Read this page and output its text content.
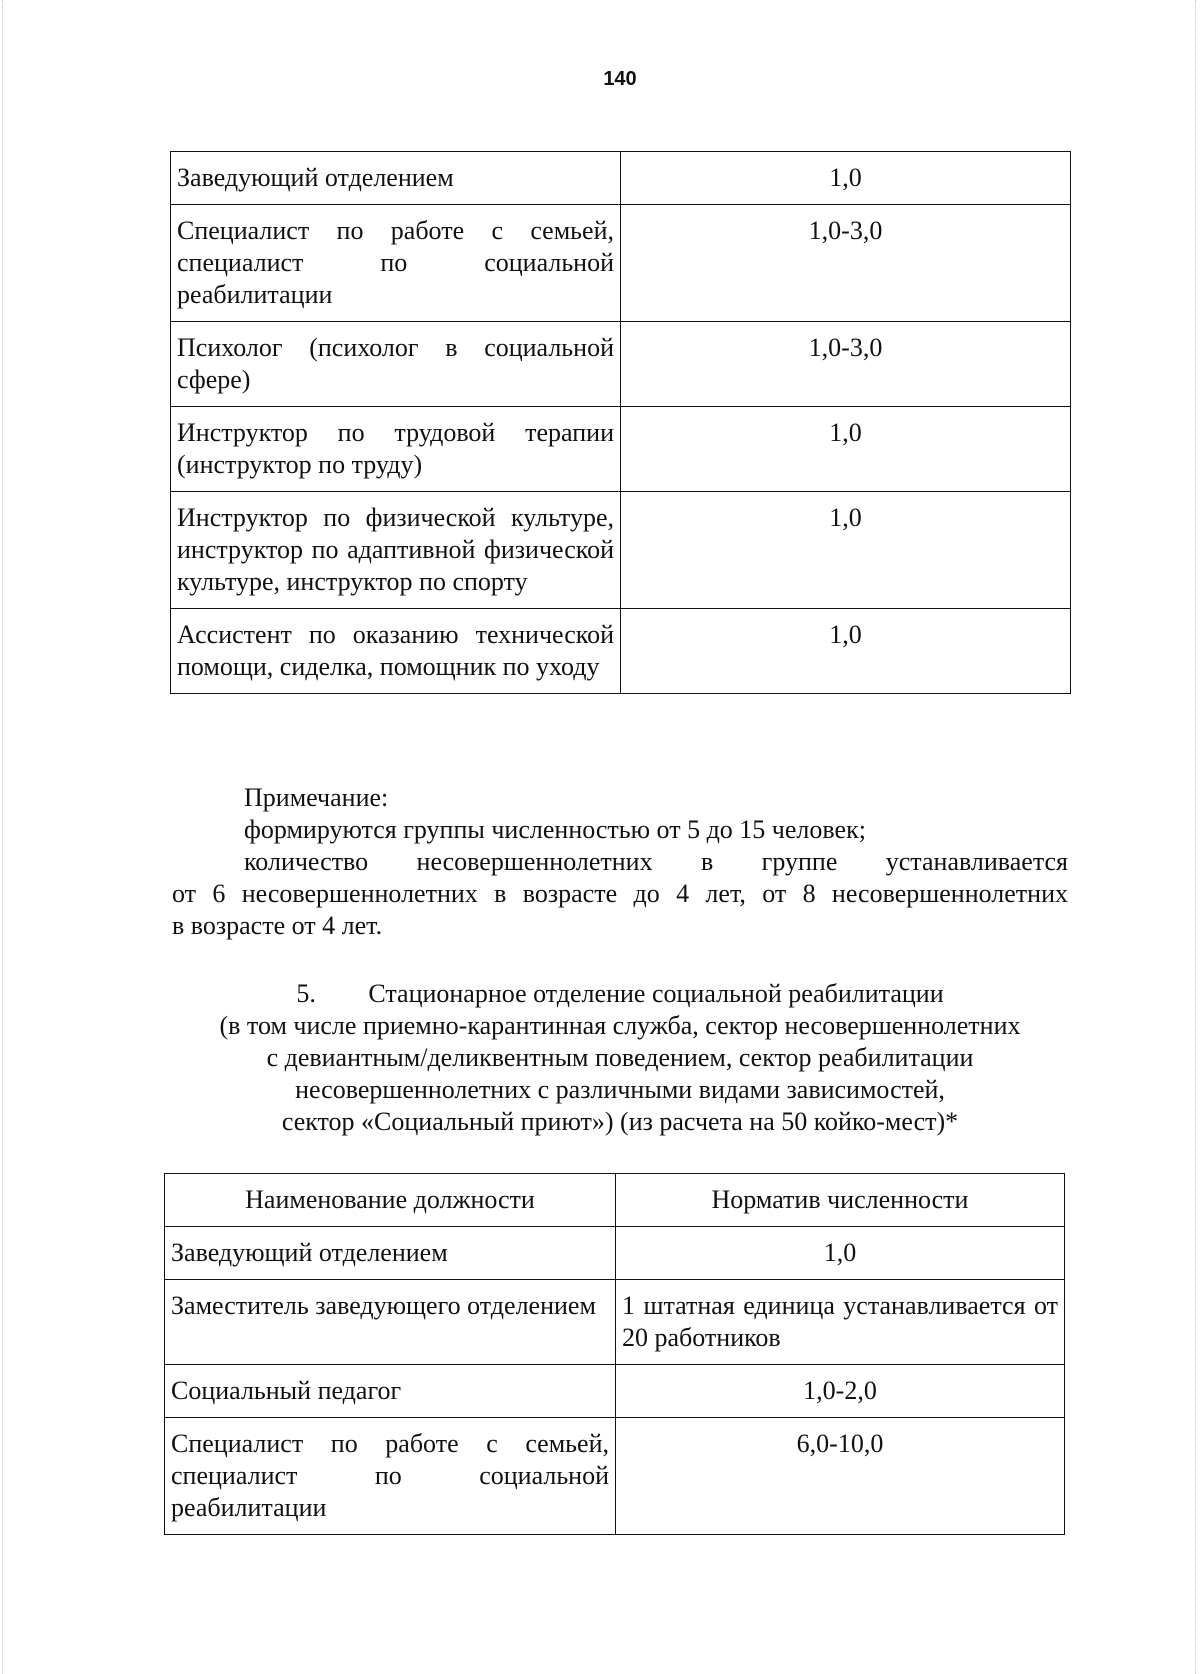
140
Заведующий отделением	1,0
Специалист по работе с семьей, специалист по социальной реабилитации	1,0-3,0
Психолог (психолог в социальной сфере)	1,0-3,0
Инструктор по трудовой терапии (инструктор по труду)	1,0
Инструктор по физической культуре, инструктор по адаптивной физической культуре, инструктор по спорту	1,0
Ассистент по оказанию технической помощи, сиделка, помощник по уходу	1,0

Примечание:

формируются группы численностью от 5 до 15 человек;

количество несовершеннолетних в группе устанавливается

от 6 несовершеннолетних в возрасте до 4 лет, от 8 несовершеннолетних

в возрасте от 4 лет.

5. Стационарное отделение социальной реабилитации

(в том числе приемно-карантинная служба, сектор несовершеннолетних

с девиантным/деликвентным поведением, сектор реабилитации

несовершеннолетних с различными видами зависимостей,

сектор «Социальный приют») (из расчета на 50 койко-мест)*

Наименование должности	Норматив численности
Заведующий отделением	1,0
Заместитель заведующего отделением	1 штатная единица устанавливается от 20 работников
Социальный педагог	1,0-2,0
Специалист по работе с семьей, специалист по социальной реабилитации	6,0-10,0
